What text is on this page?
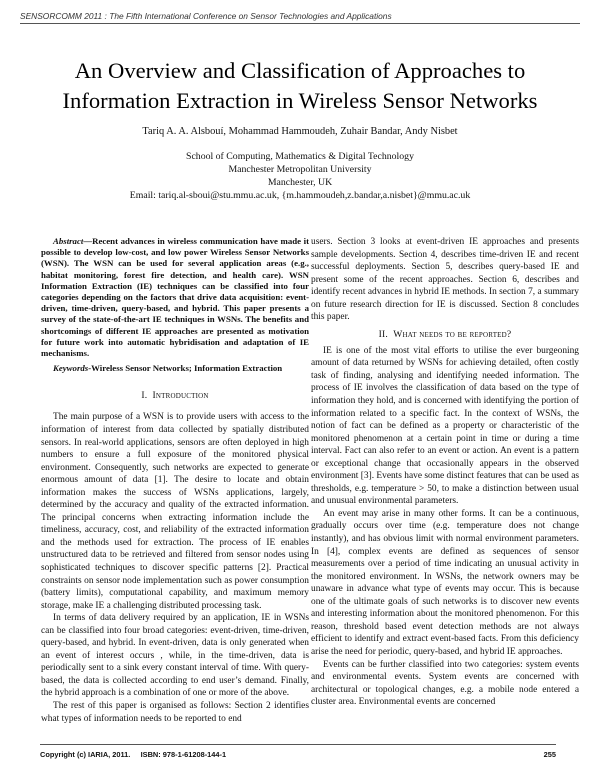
SENSORCOMM 2011 : The Fifth International Conference on Sensor Technologies and Applications
An Overview and Classification of Approaches to
Information Extraction in Wireless Sensor Networks
Tariq A. A. Alsbouí, Mohammad Hammoudeh, Zuhair Bandar, Andy Nisbet
School of Computing, Mathematics & Digital Technology
Manchester Metropolitan University
Manchester, UK
Email: tariq.al-sboui@stu.mmu.ac.uk, {m.hammoudeh,z.bandar,a.nisbet}@mmu.ac.uk

Abstract—Recent advances in wireless communication have made it possible to develop low-cost, and low power Wireless Sensor Networks (WSN). The WSN can be used for several application areas (e.g., habitat monitoring, forest fire detection, and health care). WSN Information Extraction (IE) techniques can be classified into four categories depending on the factors that drive data acquisition: event-driven, time-driven, query-based, and hybrid. This paper presents a survey of the state-of-the-art IE techniques in WSNs. The benefits and shortcomings of different IE approaches are presented as motivation for future work into automatic hybridisation and adaptation of IE mechanisms.

Keywords-Wireless Sensor Networks; Information Extraction

I. Introduction

The main purpose of a WSN is to provide users with access to the information of interest from data collected by spatially distributed sensors. In real-world applications, sensors are often deployed in high numbers to ensure a full exposure of the monitored physical environment. Consequently, such networks are expected to generate enormous amount of data [1]. The desire to locate and obtain information makes the success of WSNs applications, largely, determined by the accuracy and quality of the extracted information. The principal concerns when extracting information include the timeliness, accuracy, cost, and reliability of the extracted information and the methods used for extraction. The process of IE enables unstructured data to be retrieved and filtered from sensor nodes using sophisticated techniques to discover specific patterns [2]. Practical constraints on sensor node implementation such as power consumption (battery limits), computational capability, and maximum memory storage, make IE a challenging distributed processing task.

In terms of data delivery required by an application, IE in WSNs can be classified into four broad categories: event-driven, time-driven, query-based, and hybrid. In event-driven, data is only generated when an event of interest occurs , while, in the time-driven, data is periodically sent to a sink every constant interval of time. With query-based, the data is collected according to end user’s demand. Finally, the hybrid approach is a combination of one or more of the above.

The rest of this paper is organised as follows: Section 2 identifies what types of information needs to be reported to end

users. Section 3 looks at event-driven IE approaches and presents sample developments. Section 4, describes time-driven IE and recent successful deployments. Section 5, describes query-based IE and present some of the recent approaches. Section 6, describes and identify recent advances in hybrid IE methods. In section 7, a summary on future research direction for IE is discussed. Section 8 concludes this paper.

II. What needs to be reported?

IE is one of the most vital efforts to utilise the ever burgeoning amount of data returned by WSNs for achieving detailed, often costly task of finding, analysing and identifying needed information. The process of IE involves the classification of data based on the type of information they hold, and is concerned with identifying the portion of information related to a specific fact. In the context of WSNs, the notion of fact can be defined as a property or characteristic of the monitored phenomenon at a certain point in time or during a time interval. Fact can also refer to an event or action. An event is a pattern or exceptional change that occasionally appears in the observed environment [3]. Events have some distinct features that can be used as thresholds, e.g. temperature > 50, to make a distinction between usual and unusual environmental parameters.

An event may arise in many other forms. It can be a continuous, gradually occurs over time (e.g. temperature does not change instantly), and has obvious limit with normal environment parameters. In [4], complex events are defined as sequences of sensor measurements over a period of time indicating an unusual activity in the monitored environment. In WSNs, the network owners may be unaware in advance what type of events may occur. This is because one of the ultimate goals of such networks is to discover new events and interesting information about the monitored phenomenon. For this reason, threshold based event detection methods are not always efficient to identify and extract event-based facts. From this deficiency arise the need for periodic, query-based, and hybrid IE approaches.

Events can be further classified into two categories: system events and environmental events. System events are concerned with architectural or topological changes, e.g. a mobile node entered a cluster area. Environmental events are concerned

Copyright (c) IARIA, 2011.     ISBN: 978-1-61208-144-1	255
